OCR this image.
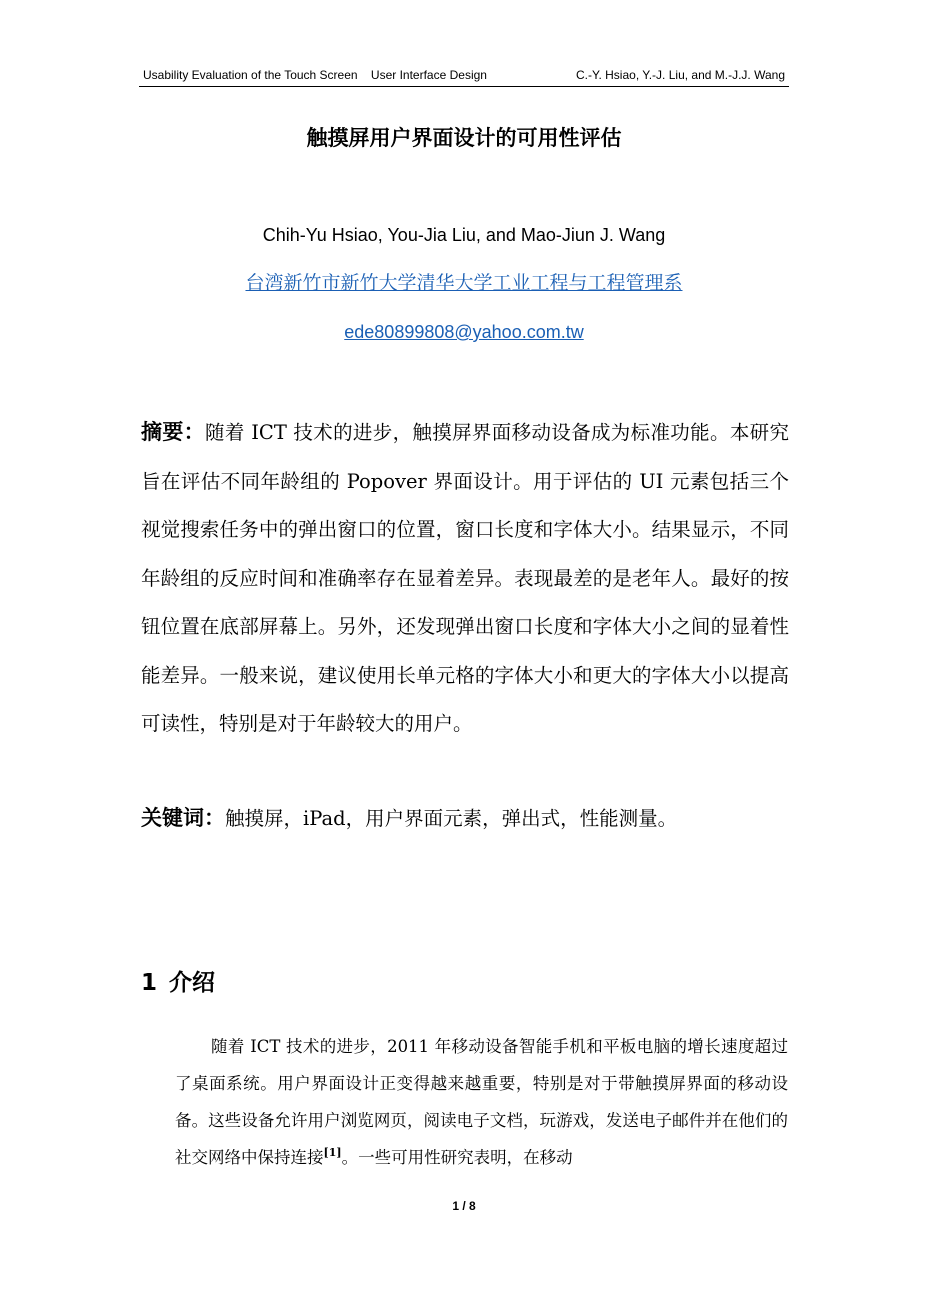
Usability Evaluation of the Touch Screen    User Interface Design	C.-Y. Hsiao, Y.-J. Liu, and M.-J.J. Wang
触摸屏用户界面设计的可用性评估
Chih-Yu Hsiao, You-Jia Liu, and Mao-Jiun J. Wang
台湾新竹市新竹大学清华大学工业工程与工程管理系
ede80899808@yahoo.com.tw
摘要：随着 ICT 技术的进步，触摸屏界面移动设备成为标准功能。本研究旨在评估不同年龄组的 Popover 界面设计。用于评估的 UI 元素包括三个视觉搜索任务中的弹出窗口的位置，窗口长度和字体大小。结果显示，不同年龄组的反应时间和准确率存在显着差异。表现最差的是老年人。最好的按钮位置在底部屏幕上。另外，还发现弹出窗口长度和字体大小之间的显着性能差异。一般来说，建议使用长单元格的字体大小和更大的字体大小以提高可读性，特别是对于年龄较大的用户。
关键词：触摸屏，iPad，用户界面元素，弹出式，性能测量。
1 介绍
随着 ICT 技术的进步，2011 年移动设备智能手机和平板电脑的增长速度超过了桌面系统。用户界面设计正变得越来越重要，特别是对于带触摸屏界面的移动设备。这些设备允许用户浏览网页，阅读电子文档，玩游戏，发送电子邮件并在他们的社交网络中保持连接[1]。一些可用性研究表明，在移动
1 / 8
